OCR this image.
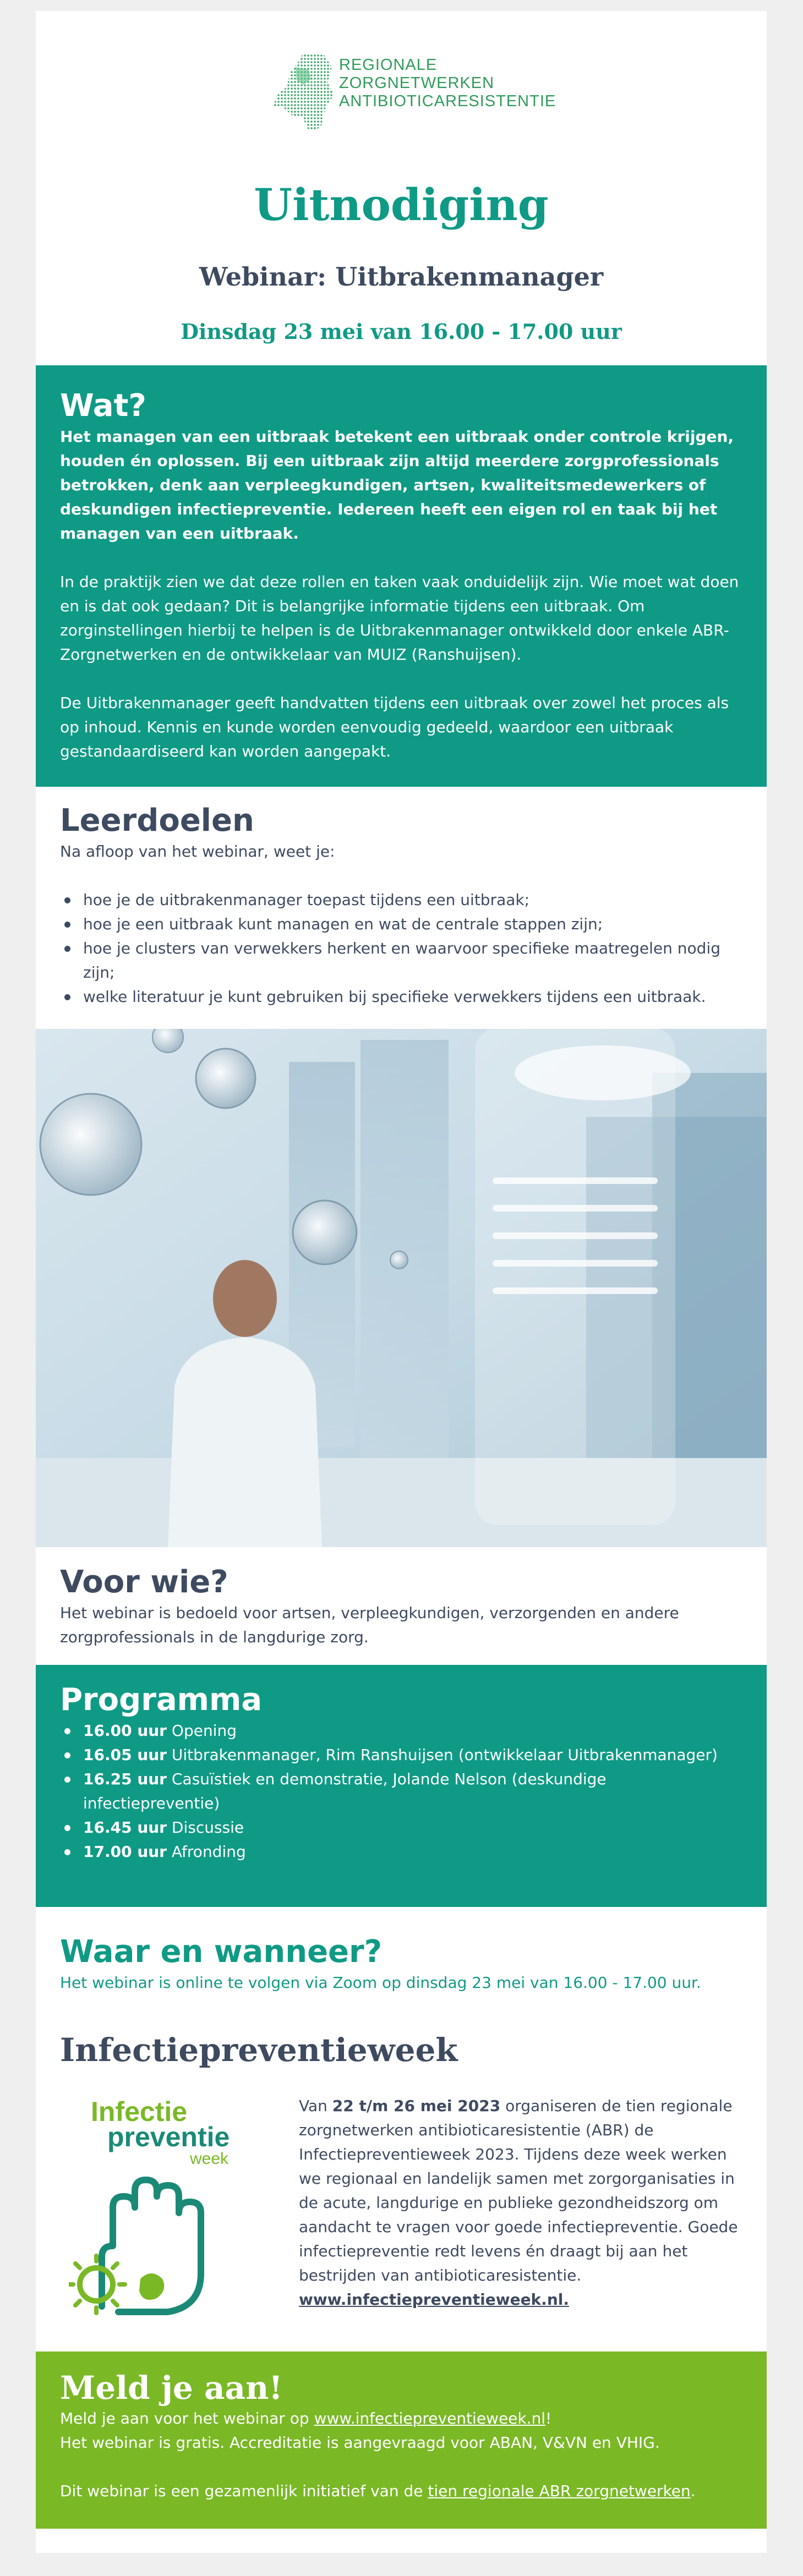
REGIONALE
ZORGNETWERKEN
ANTIBIOTICARESISTENTIE
Uitnodiging
Webinar: Uitbrakenmanager
Dinsdag 23 mei van 16.00 - 17.00 uur
Wat?

Het managen van een uitbraak betekent een uitbraak onder controle krijgen, houden én oplossen. Bij een uitbraak zijn altijd meerdere zorgprofessionals betrokken, denk aan verpleegkundigen, artsen, kwaliteitsmedewerkers of deskundigen infectiepreventie. Iedereen heeft een eigen rol en taak bij het managen van een uitbraak.

In de praktijk zien we dat deze rollen en taken vaak onduidelijk zijn. Wie moet wat doen en is dat ook gedaan? Dit is belangrijke informatie tijdens een uitbraak. Om zorginstellingen hierbij te helpen is de Uitbrakenmanager ontwikkeld door enkele ABR-Zorgnetwerken en de ontwikkelaar van MUIZ (Ranshuijsen).

De Uitbrakenmanager geeft handvatten tijdens een uitbraak over zowel het proces als op inhoud. Kennis en kunde worden eenvoudig gedeeld, waardoor een uitbraak gestandaardiseerd kan worden aangepakt.

Leerdoelen
Na afloop van het webinar, weet je:
hoe je de uitbrakenmanager toepast tijdens een uitbraak;
hoe je een uitbraak kunt managen en wat de centrale stappen zijn;
hoe je clusters van verwekkers herkent en waarvoor specifieke maatregelen nodig zijn;
welke literatuur je kunt gebruiken bij specifieke verwekkers tijdens een uitbraak.
Voor wie?
Het webinar is bedoeld voor artsen, verpleegkundigen, verzorgenden en andere zorgprofessionals in de langdurige zorg.
Programma
16.00 uur Opening
16.05 uur Uitbrakenmanager, Rim Ranshuijsen (ontwikkelaar Uitbrakenmanager)
16.25 uur Casuïstiek en demonstratie, Jolande Nelson (deskundige infectiepreventie)
16.45 uur Discussie
17.00 uur Afronding
Waar en wanneer?
Het webinar is online te volgen via Zoom op dinsdag 23 mei van 16.00 - 17.00 uur.
Infectiepreventieweek
Infectie
preventie
week
Van 22 t/m 26 mei 2023 organiseren de tien regionale zorgnetwerken antibioticaresistentie (ABR) de Infectiepreventieweek 2023. Tijdens deze week werken we regionaal en landelijk samen met zorgorganisaties in de acute, langdurige en publieke gezondheidszorg om aandacht te vragen voor goede infectiepreventie. Goede infectiepreventie redt levens én draagt bij aan het bestrijden van antibioticaresistentie.
www.infectiepreventieweek.nl.
Meld je aan!
Meld je aan voor het webinar op www.infectiepreventieweek.nl!
Het webinar is gratis. Accreditatie is aangevraagd voor ABAN, V&VN en VHIG.
Dit webinar is een gezamenlijk initiatief van de tien regionale ABR zorgnetwerken.
